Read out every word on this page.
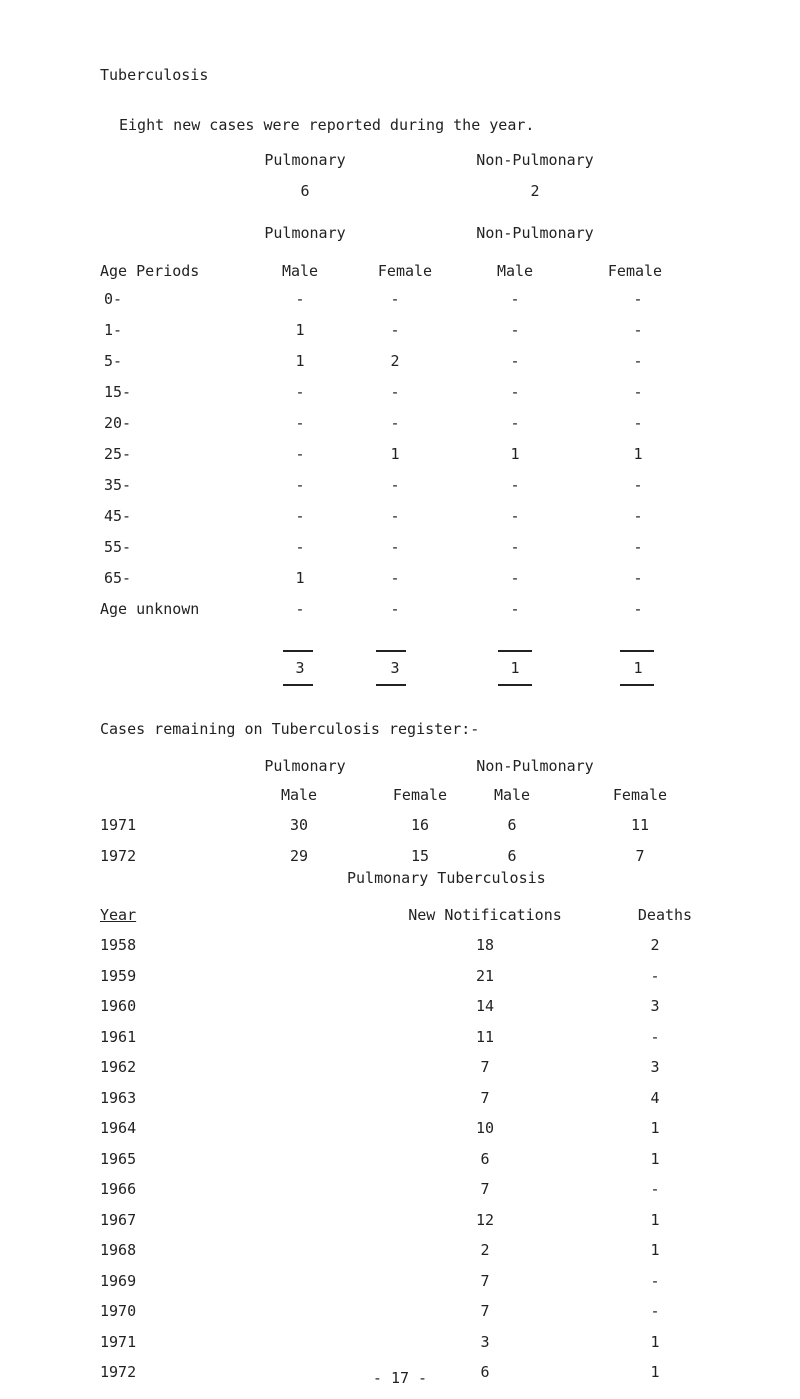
Tuberculosis
Eight new cases were reported during the year.
Pulmonary	Non-Pulmonary
6	2
Pulmonary	Non-Pulmonary
Age Periods	Male	Female	Male	Female
0-	-	-	-	-
1-	1	-	-	-
5-	1	2	-	-
15-	-	-	-	-
20-	-	-	-	-
25-	-	1	1	1
35-	-	-	-	-
45-	-	-	-	-
55-	-	-	-	-
65-	1	-	-	-
Age unknown	-	-	-	-
3	3	1	1
Cases remaining on Tuberculosis register:-
Pulmonary	Non-Pulmonary
Male	Female	Male	Female
1971	30	16	6	11
1972	29	15	6	7
Pulmonary Tuberculosis
Year	New Notifications	Deaths
1958	18	2
1959	21	-
1960	14	3
1961	11	-
1962	7	3
1963	7	4
1964	10	1
1965	6	1
1966	7	-
1967	12	1
1968	2	1
1969	7	-
1970	7	-
1971	3	1
1972	6	1
- 17 -
